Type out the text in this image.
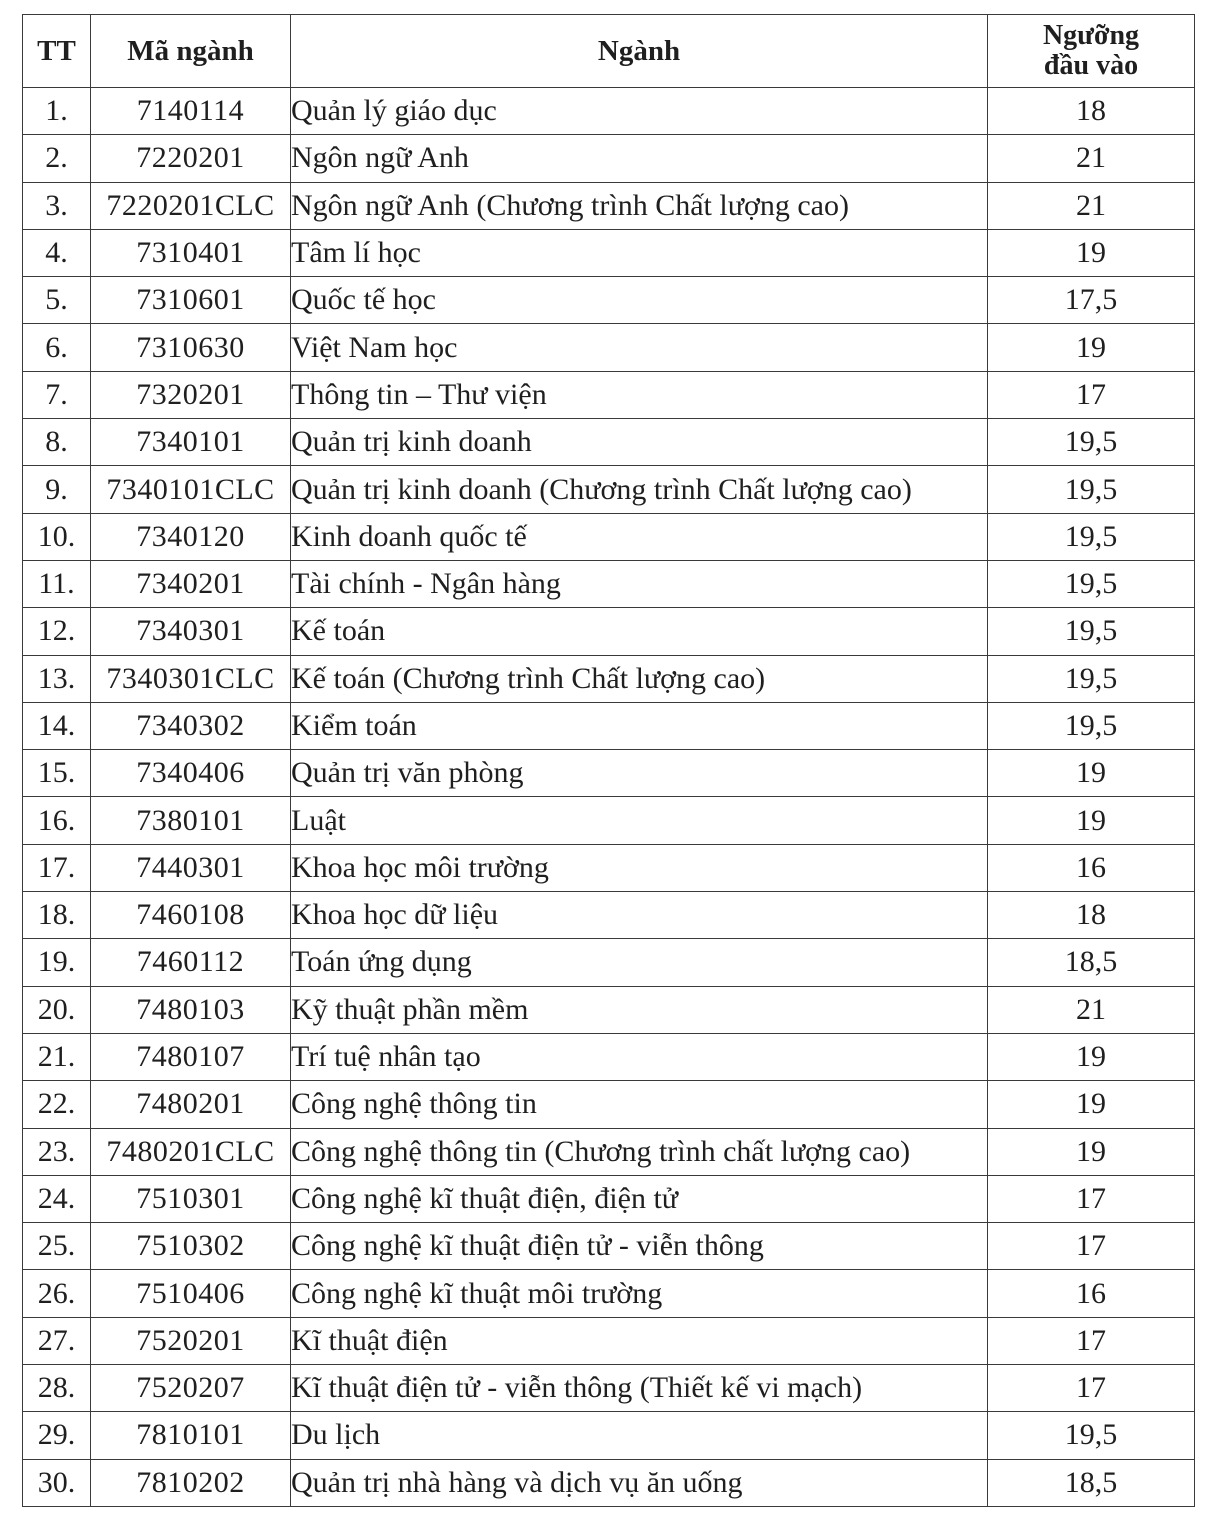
TT	Mã ngành	Ngành	Ngưỡng
đầu vào
1.	7140114	Quản lý giáo dục	18
2.	7220201	Ngôn ngữ Anh	21
3.	7220201CLC	Ngôn ngữ Anh (Chương trình Chất lượng cao)	21
4.	7310401	Tâm lí học	19
5.	7310601	Quốc tế học	17,5
6.	7310630	Việt Nam học	19
7.	7320201	Thông tin – Thư viện	17
8.	7340101	Quản trị kinh doanh	19,5
9.	7340101CLC	Quản trị kinh doanh (Chương trình Chất lượng cao)	19,5
10.	7340120	Kinh doanh quốc tế	19,5
11.	7340201	Tài chính - Ngân hàng	19,5
12.	7340301	Kế toán	19,5
13.	7340301CLC	Kế toán (Chương trình Chất lượng cao)	19,5
14.	7340302	Kiểm toán	19,5
15.	7340406	Quản trị văn phòng	19
16.	7380101	Luật	19
17.	7440301	Khoa học môi trường	16
18.	7460108	Khoa học dữ liệu	18
19.	7460112	Toán ứng dụng	18,5
20.	7480103	Kỹ thuật phần mềm	21
21.	7480107	Trí tuệ nhân tạo	19
22.	7480201	Công nghệ thông tin	19
23.	7480201CLC	Công nghệ thông tin (Chương trình chất lượng cao)	19
24.	7510301	Công nghệ kĩ thuật điện, điện tử	17
25.	7510302	Công nghệ kĩ thuật điện tử - viễn thông	17
26.	7510406	Công nghệ kĩ thuật môi trường	16
27.	7520201	Kĩ thuật điện	17
28.	7520207	Kĩ thuật điện tử - viễn thông (Thiết kế vi mạch)	17
29.	7810101	Du lịch	19,5
30.	7810202	Quản trị nhà hàng và dịch vụ ăn uống	18,5
